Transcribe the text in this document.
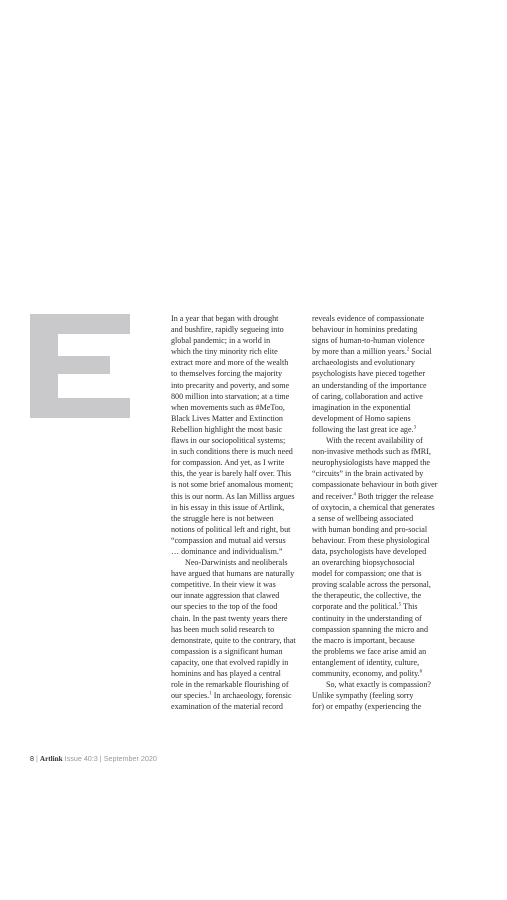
In a year that began with drought
and bushfire, rapidly segueing into
global pandemic; in a world in
which the tiny minority rich elite
extract more and more of the wealth
to themselves forcing the majority
into precarity and poverty, and some
800 million into starvation; at a time
when movements such as #MeToo,
Black Lives Matter and Extinction
Rebellion highlight the most basic
flaws in our sociopolitical systems;
in such conditions there is much need
for compassion. And yet, as I write
this, the year is barely half over. This
is not some brief anomalous moment;
this is our norm. As Ian Milliss argues
in his essay in this issue of Artlink,
the struggle here is not between
notions of political left and right, but
“compassion and mutual aid versus
… dominance and individualism.”
Neo-Darwinists and neoliberals
have argued that humans are naturally
competitive. In their view it was
our innate aggression that clawed
our species to the top of the food
chain. In the past twenty years there
has been much solid research to
demonstrate, quite to the contrary, that
compassion is a significant human
capacity, one that evolved rapidly in
hominins and has played a central
role in the remarkable flourishing of
our species.$^1$ In archaeology, forensic
examination of the material record
reveals evidence of compassionate
behaviour in hominins predating
signs of human-to-human violence
by more than a million years.$^2$ Social
archaeologists and evolutionary
psychologists have pieced together
an understanding of the importance
of caring, collaboration and active
imagination in the exponential
development of Homo sapiens
following the last great ice age.$^3$
With the recent availability of
non-invasive methods such as fMRI,
neurophysiologists have mapped the
“circuits” in the brain activated by
compassionate behaviour in both giver
and receiver.$^4$ Both trigger the release
of oxytocin, a chemical that generates
a sense of wellbeing associated
with human bonding and pro-social
behaviour. From these physiological
data, psychologists have developed
an overarching biopsychosocial
model for compassion; one that is
proving scalable across the personal,
the therapeutic, the collective, the
corporate and the political.$^5$ This
continuity in the understanding of
compassion spanning the micro and
the macro is important, because
the problems we face arise amid an
entanglement of identity, culture,
community, economy, and polity.$^6$
So, what exactly is compassion?
Unlike sympathy (feeling sorry
for) or empathy (experiencing the
8 | Artlink Issue 40:3 | September 2020
